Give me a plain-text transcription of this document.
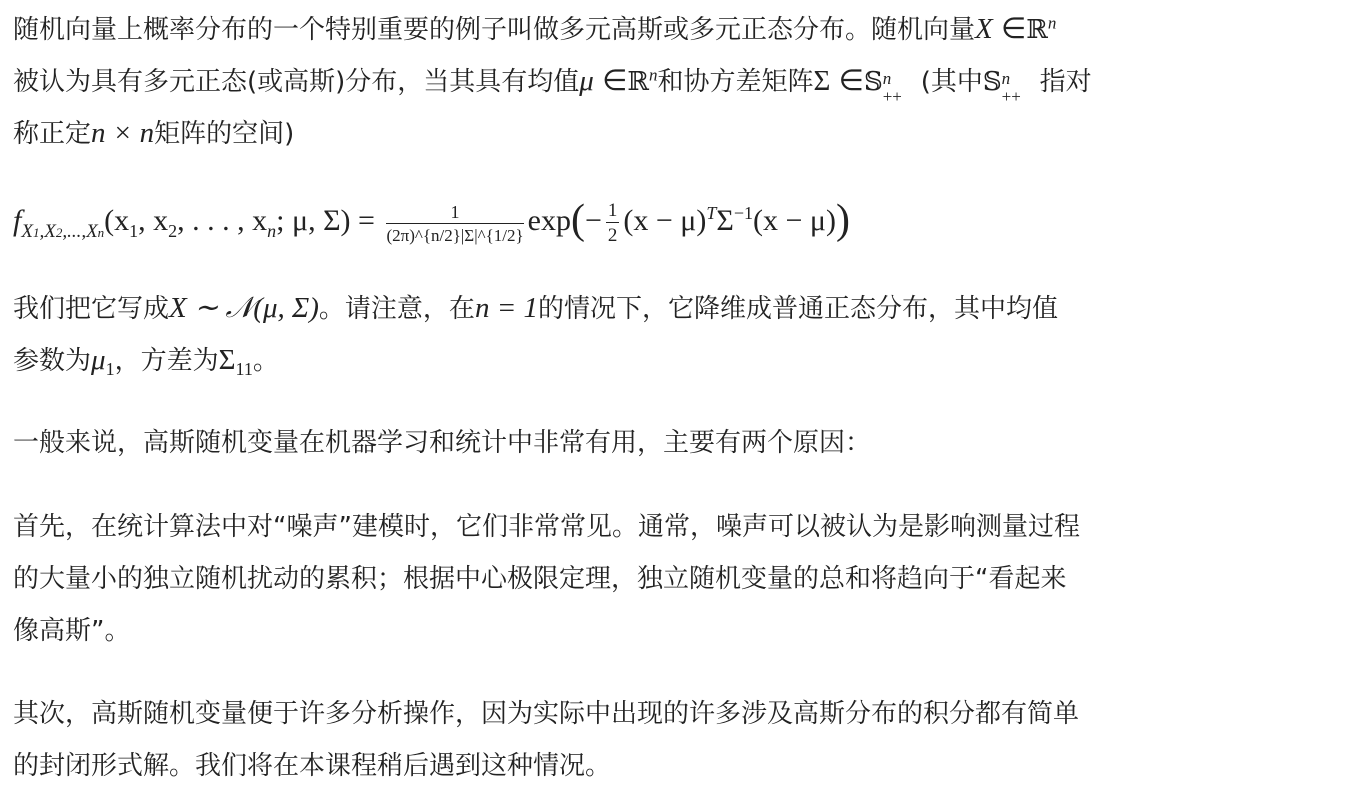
随机向量上概率分布的一个特别重要的例子叫做多元高斯或多元正态分布。随机向量X ∈ℝ$^n$
被认为具有多元正态(或高斯)分布，当其具有均值μ ∈ℝ$^n$和协方差矩阵Σ ∈𝕊 n
++ (其中𝕊 n
++ 指对
称正定n × n矩阵的空间)
$f_{X1,X2,...,Xn}(x_1$, $x_2$, . . . , $x_n$; μ, $\Sigma) = \frac{1}{(2\pi)\^{}\{n/2\}|\Sigma|\^{}\{1/2\}} \exp(- \frac{1}{2} (x - \mu)^T\Sigma^{-1}(x - \mu))$
我们把它写成X ∼ 𝒩(μ, Σ)。请注意，在n = 1的情况下，它降维成普通正态分布，其中均值
参数为$\mu_1$，方差为$\Sigma_{11}$。
一般来说，高斯随机变量在机器学习和统计中非常有用，主要有两个原因：
首先，在统计算法中对“噪声”建模时，它们非常常见。通常，噪声可以被认为是影响测量过程
的大量小的独立随机扰动的累积；根据中心极限定理，独立随机变量的总和将趋向于“看起来
像高斯”。
其次，高斯随机变量便于许多分析操作，因为实际中出现的许多涉及高斯分布的积分都有简单
的封闭形式解。我们将在本课程稍后遇到这种情况。
